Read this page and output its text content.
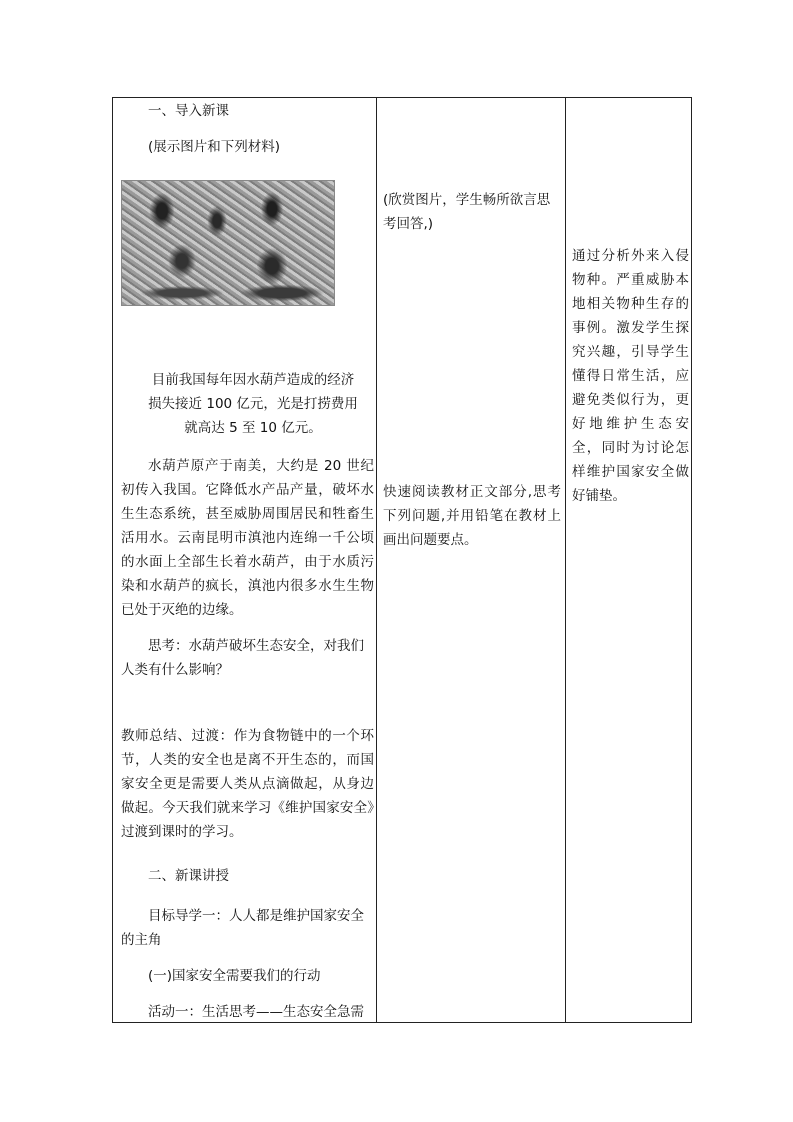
一、导入新课

(展示图片和下列材料)

目前我国每年因水葫芦造成的经济损失接近 100 亿元，光是打捞费用就高达 5 至 10 亿元。

水葫芦原产于南美，大约是 20 世纪初传入我国。它降低水产品产量，破坏水生生态系统，甚至威胁周围居民和牲畜生活用水。云南昆明市滇池内连绵一千公顷的水面上全部生长着水葫芦，由于水质污染和水葫芦的疯长，滇池内很多水生生物已处于灭绝的边缘。

思考：水葫芦破坏生态安全，对我们人类有什么影响？

教师总结、过渡：作为食物链中的一个环节，人类的安全也是离不开生态的，而国家安全更是需要人类从点滴做起，从身边做起。今天我们就来学习《维护国家安全》过渡到课时的学习。

二、新课讲授

目标导学一：人人都是维护国家安全的主角

(一)国家安全需要我们的行动

活动一：生活思考——生态安全急需

(欣赏图片，学生畅所欲言思考回答,)

快速阅读教材正文部分,思考下列问题,并用铅笔在教材上画出问题要点。

通过分析外来入侵物种。严重威胁本地相关物种生存的事例。激发学生探究兴趣，引导学生懂得日常生活，应避免类似行为，更好地维护生态安全，同时为讨论怎样维护国家安全做好铺垫。
